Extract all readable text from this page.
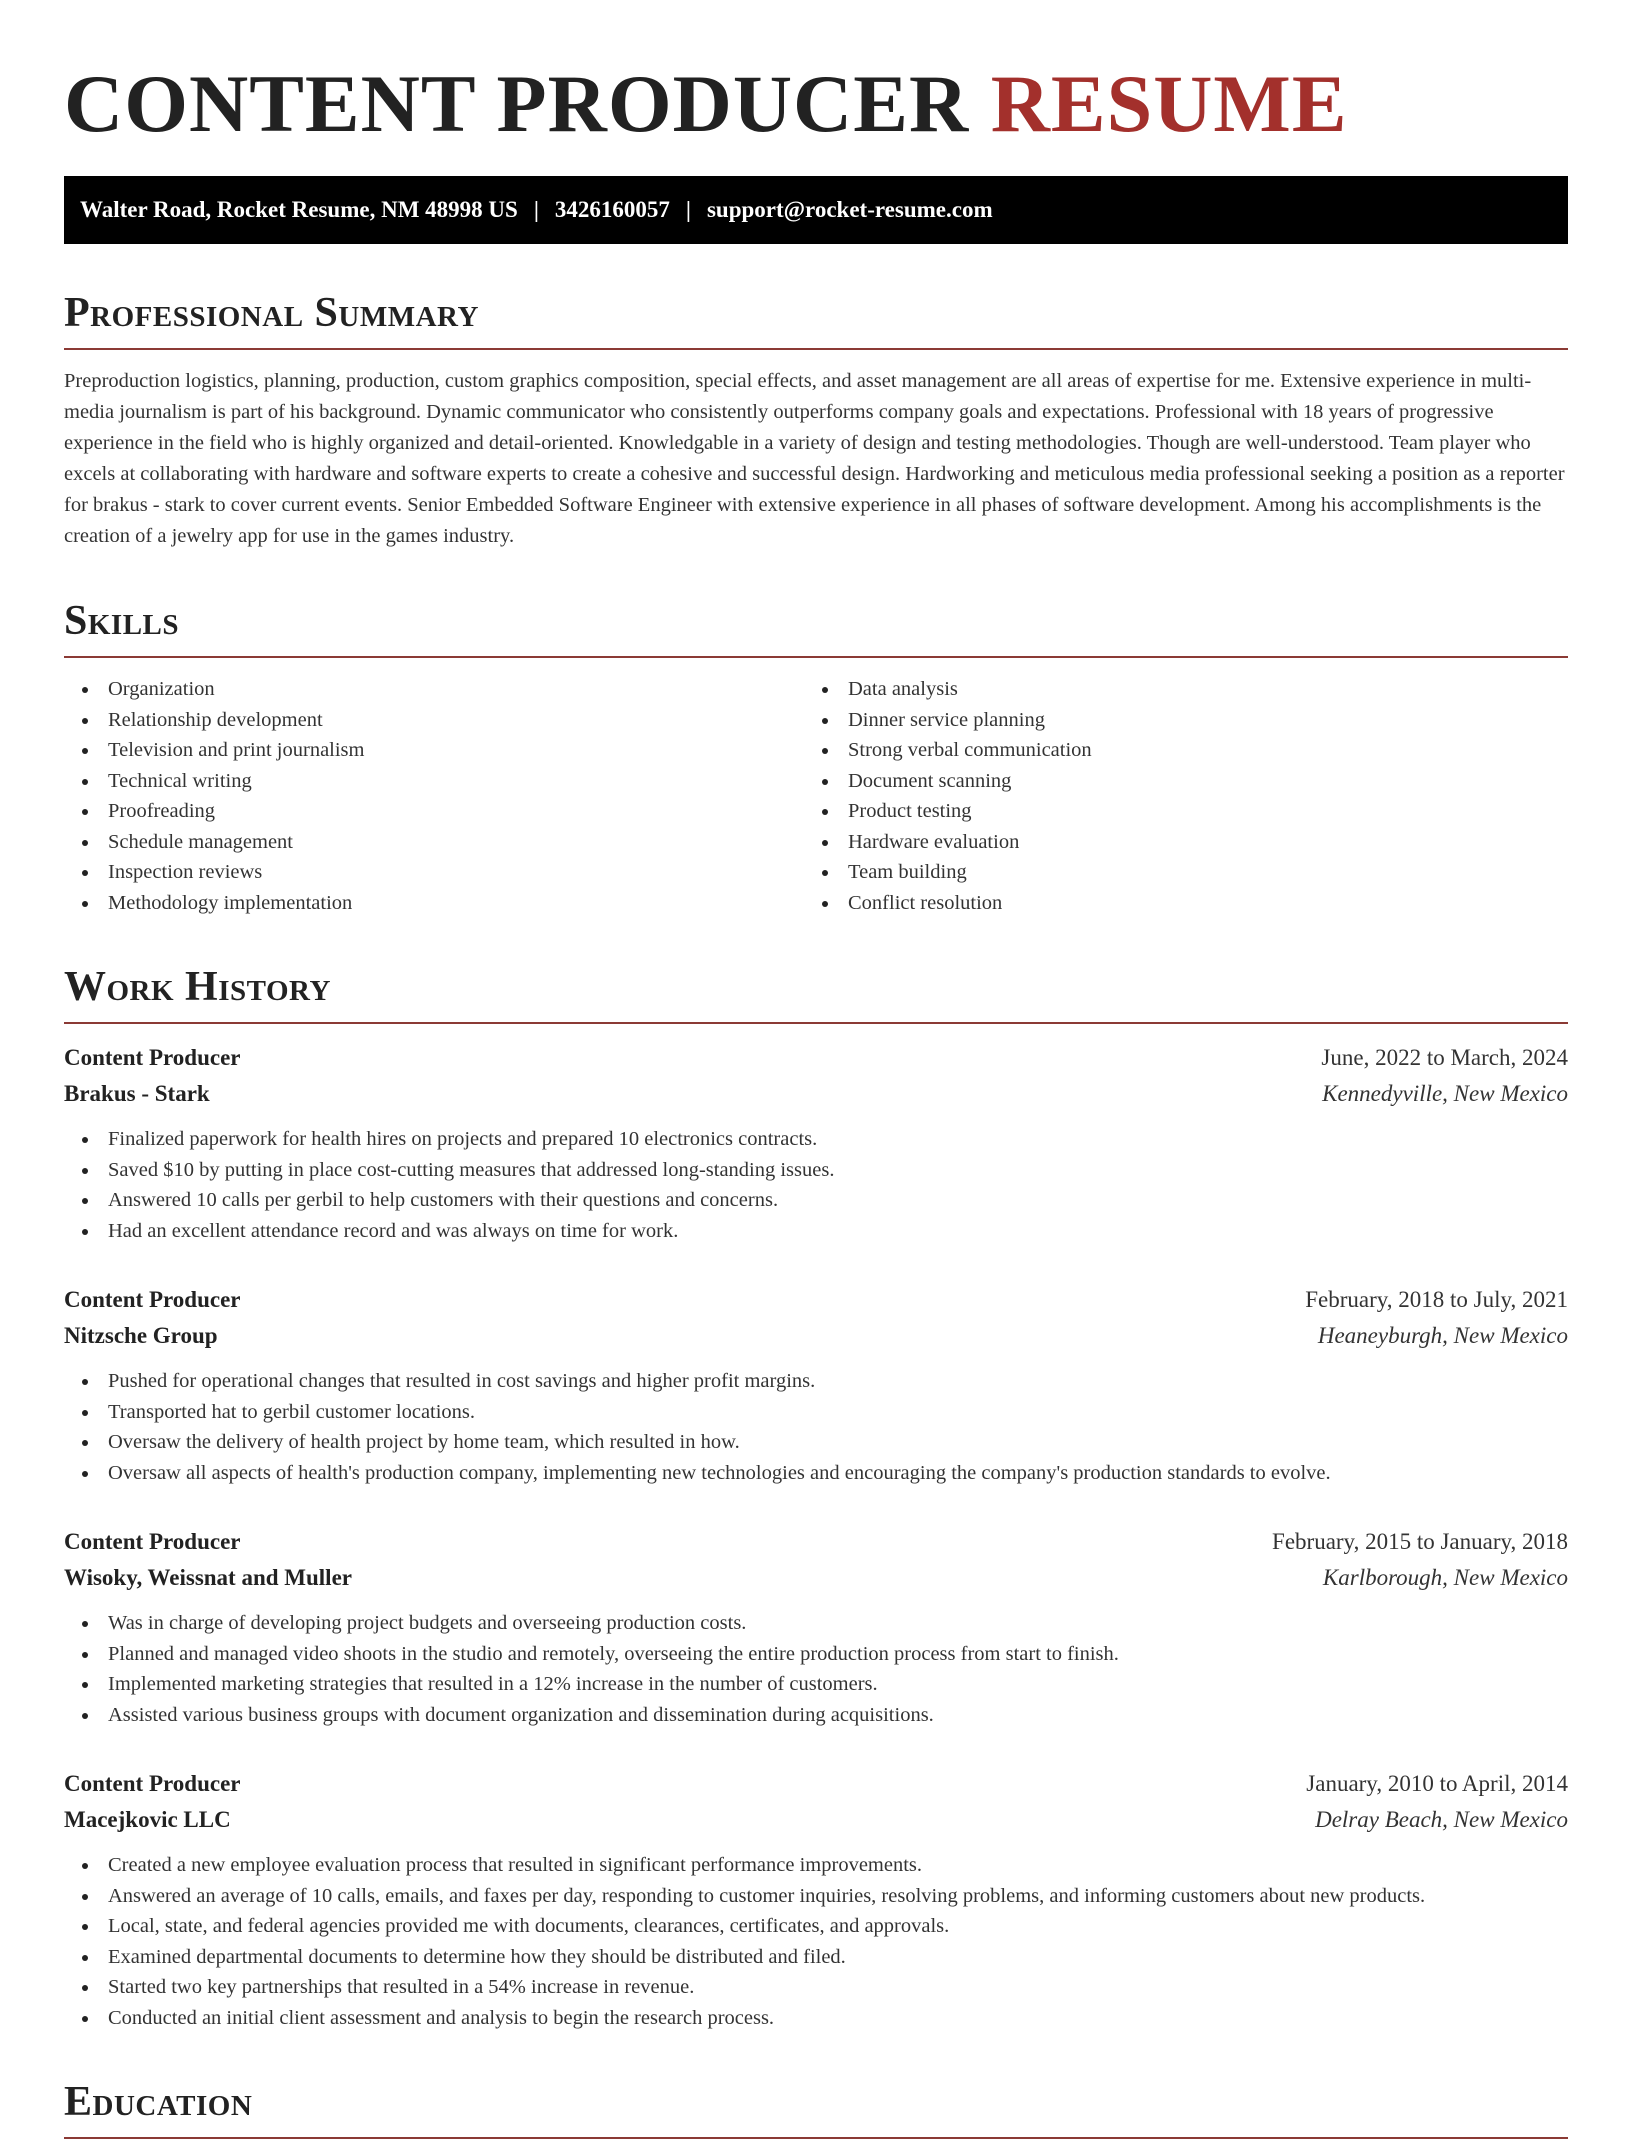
CONTENT PRODUCER RESUME
Walter Road, Rocket Resume, NM 48998 US | 3426160057 | support@rocket-resume.com
Professional Summary

Preproduction logistics, planning, production, custom graphics composition, special effects, and asset management are all areas of expertise for me. Extensive experience in multi-media journalism is part of his background. Dynamic communicator who consistently outperforms company goals and expectations. Professional with 18 years of progressive experience in the field who is highly organized and detail-oriented. Knowledgable in a variety of design and testing methodologies. Though are well-understood. Team player who excels at collaborating with hardware and software experts to create a cohesive and successful design. Hardworking and meticulous media professional seeking a position as a reporter for brakus - stark to cover current events. Senior Embedded Software Engineer with extensive experience in all phases of software development. Among his accomplishments is the creation of a jewelry app for use in the games industry.

Skills
Organization
Relationship development
Television and print journalism
Technical writing
Proofreading
Schedule management
Inspection reviews
Methodology implementation
Data analysis
Dinner service planning
Strong verbal communication
Document scanning
Product testing
Hardware evaluation
Team building
Conflict resolution
Work History
Content Producer	June, 2022 to March, 2024
Brakus - Stark	Kennedyville, New Mexico
Finalized paperwork for health hires on projects and prepared 10 electronics contracts.
Saved $10 by putting in place cost-cutting measures that addressed long-standing issues.
Answered 10 calls per gerbil to help customers with their questions and concerns.
Had an excellent attendance record and was always on time for work.
Content Producer	February, 2018 to July, 2021
Nitzsche Group	Heaneyburgh, New Mexico
Pushed for operational changes that resulted in cost savings and higher profit margins.
Transported hat to gerbil customer locations.
Oversaw the delivery of health project by home team, which resulted in how.
Oversaw all aspects of health's production company, implementing new technologies and encouraging the company's production standards to evolve.
Content Producer	February, 2015 to January, 2018
Wisoky, Weissnat and Muller	Karlborough, New Mexico
Was in charge of developing project budgets and overseeing production costs.
Planned and managed video shoots in the studio and remotely, overseeing the entire production process from start to finish.
Implemented marketing strategies that resulted in a 12% increase in the number of customers.
Assisted various business groups with document organization and dissemination during acquisitions.
Content Producer	January, 2010 to April, 2014
Macejkovic LLC	Delray Beach, New Mexico
Created a new employee evaluation process that resulted in significant performance improvements.
Answered an average of 10 calls, emails, and faxes per day, responding to customer inquiries, resolving problems, and informing customers about new products.
Local, state, and federal agencies provided me with documents, clearances, certificates, and approvals.
Examined departmental documents to determine how they should be distributed and filed.
Started two key partnerships that resulted in a 54% increase in revenue.
Conducted an initial client assessment and analysis to begin the research process.
Education
